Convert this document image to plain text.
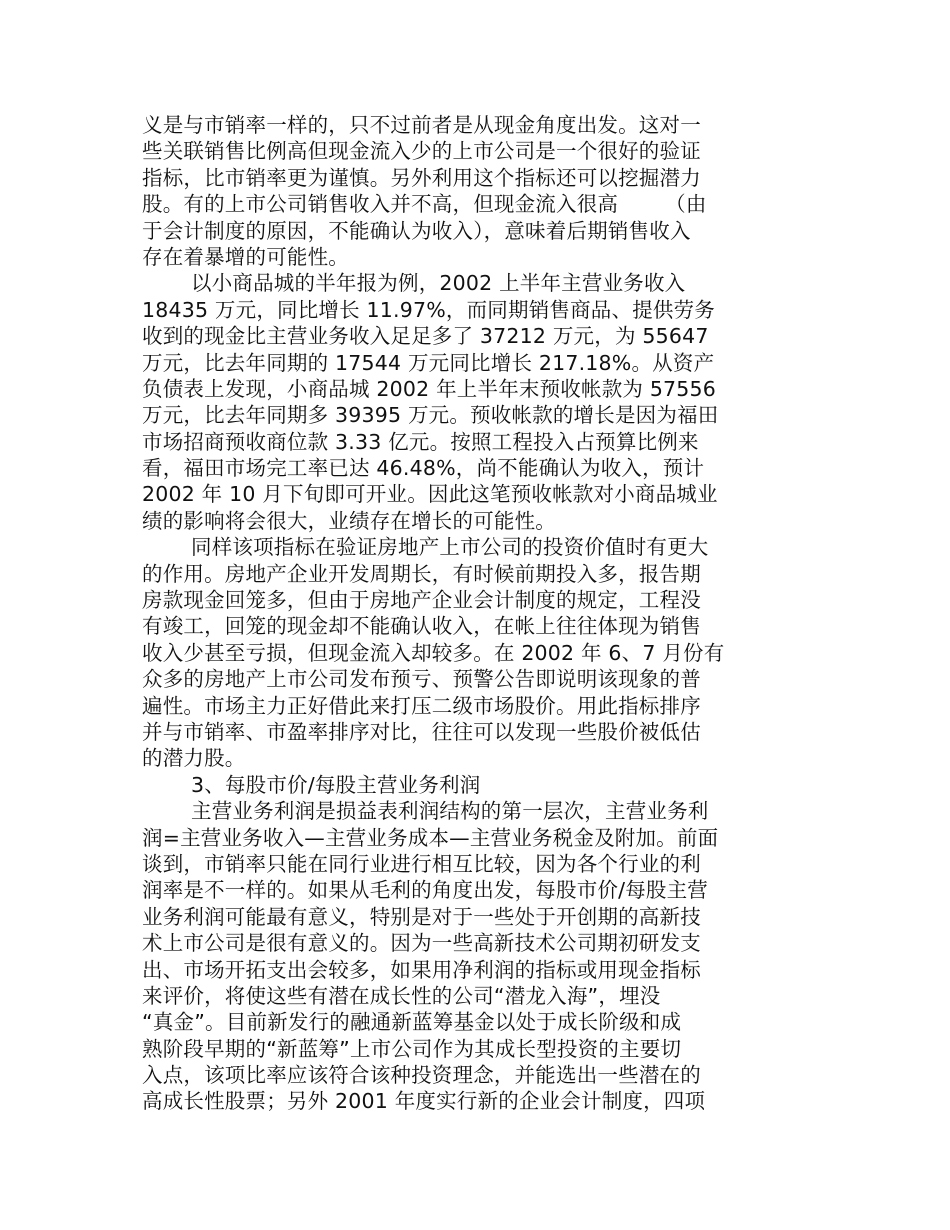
义是与市销率一样的，只不过前者是从现金角度出发。这对一
些关联销售比例高但现金流入少的上市公司是一个很好的验证
指标，比市销率更为谨慎。另外利用这个指标还可以挖掘潜力
股。有的上市公司销售收入并不高，但现金流入很高       （由
于会计制度的原因，不能确认为收入），意味着后期销售收入
存在着暴增的可能性。
以小商品城的半年报为例，2002 上半年主营业务收入
18435 万元，同比增长 11.97%，而同期销售商品、提供劳务
收到的现金比主营业务收入足足多了 37212 万元，为 55647
万元，比去年同期的 17544 万元同比增长 217.18%。从资产
负债表上发现，小商品城 2002 年上半年末预收帐款为 57556
万元，比去年同期多 39395 万元。预收帐款的增长是因为福田
市场招商预收商位款 3.33 亿元。按照工程投入占预算比例来
看，福田市场完工率已达 46.48%，尚不能确认为收入，预计
2002 年 10 月下旬即可开业。因此这笔预收帐款对小商品城业
绩的影响将会很大，业绩存在增长的可能性。
同样该项指标在验证房地产上市公司的投资价值时有更大
的作用。房地产企业开发周期长，有时候前期投入多，报告期
房款现金回笼多，但由于房地产企业会计制度的规定，工程没
有竣工，回笼的现金却不能确认收入，在帐上往往体现为销售
收入少甚至亏损，但现金流入却较多。在 2002 年 6、7 月份有
众多的房地产上市公司发布预亏、预警公告即说明该现象的普
遍性。市场主力正好借此来打压二级市场股价。用此指标排序
并与市销率、市盈率排序对比，往往可以发现一些股价被低估
的潜力股。
3、每股市价/每股主营业务利润
主营业务利润是损益表利润结构的第一层次，主营业务利
润=主营业务收入—主营业务成本—主营业务税金及附加。前面
谈到，市销率只能在同行业进行相互比较，因为各个行业的利
润率是不一样的。如果从毛利的角度出发，每股市价/每股主营
业务利润可能最有意义，特别是对于一些处于开创期的高新技
术上市公司是很有意义的。因为一些高新技术公司期初研发支
出、市场开拓支出会较多，如果用净利润的指标或用现金指标
来评价，将使这些有潜在成长性的公司“潜龙入海”，埋没
“真金”。目前新发行的融通新蓝筹基金以处于成长阶级和成
熟阶段早期的“新蓝筹”上市公司作为其成长型投资的主要切
入点，该项比率应该符合该种投资理念，并能选出一些潜在的
高成长性股票；另外 2001 年度实行新的企业会计制度，四项
